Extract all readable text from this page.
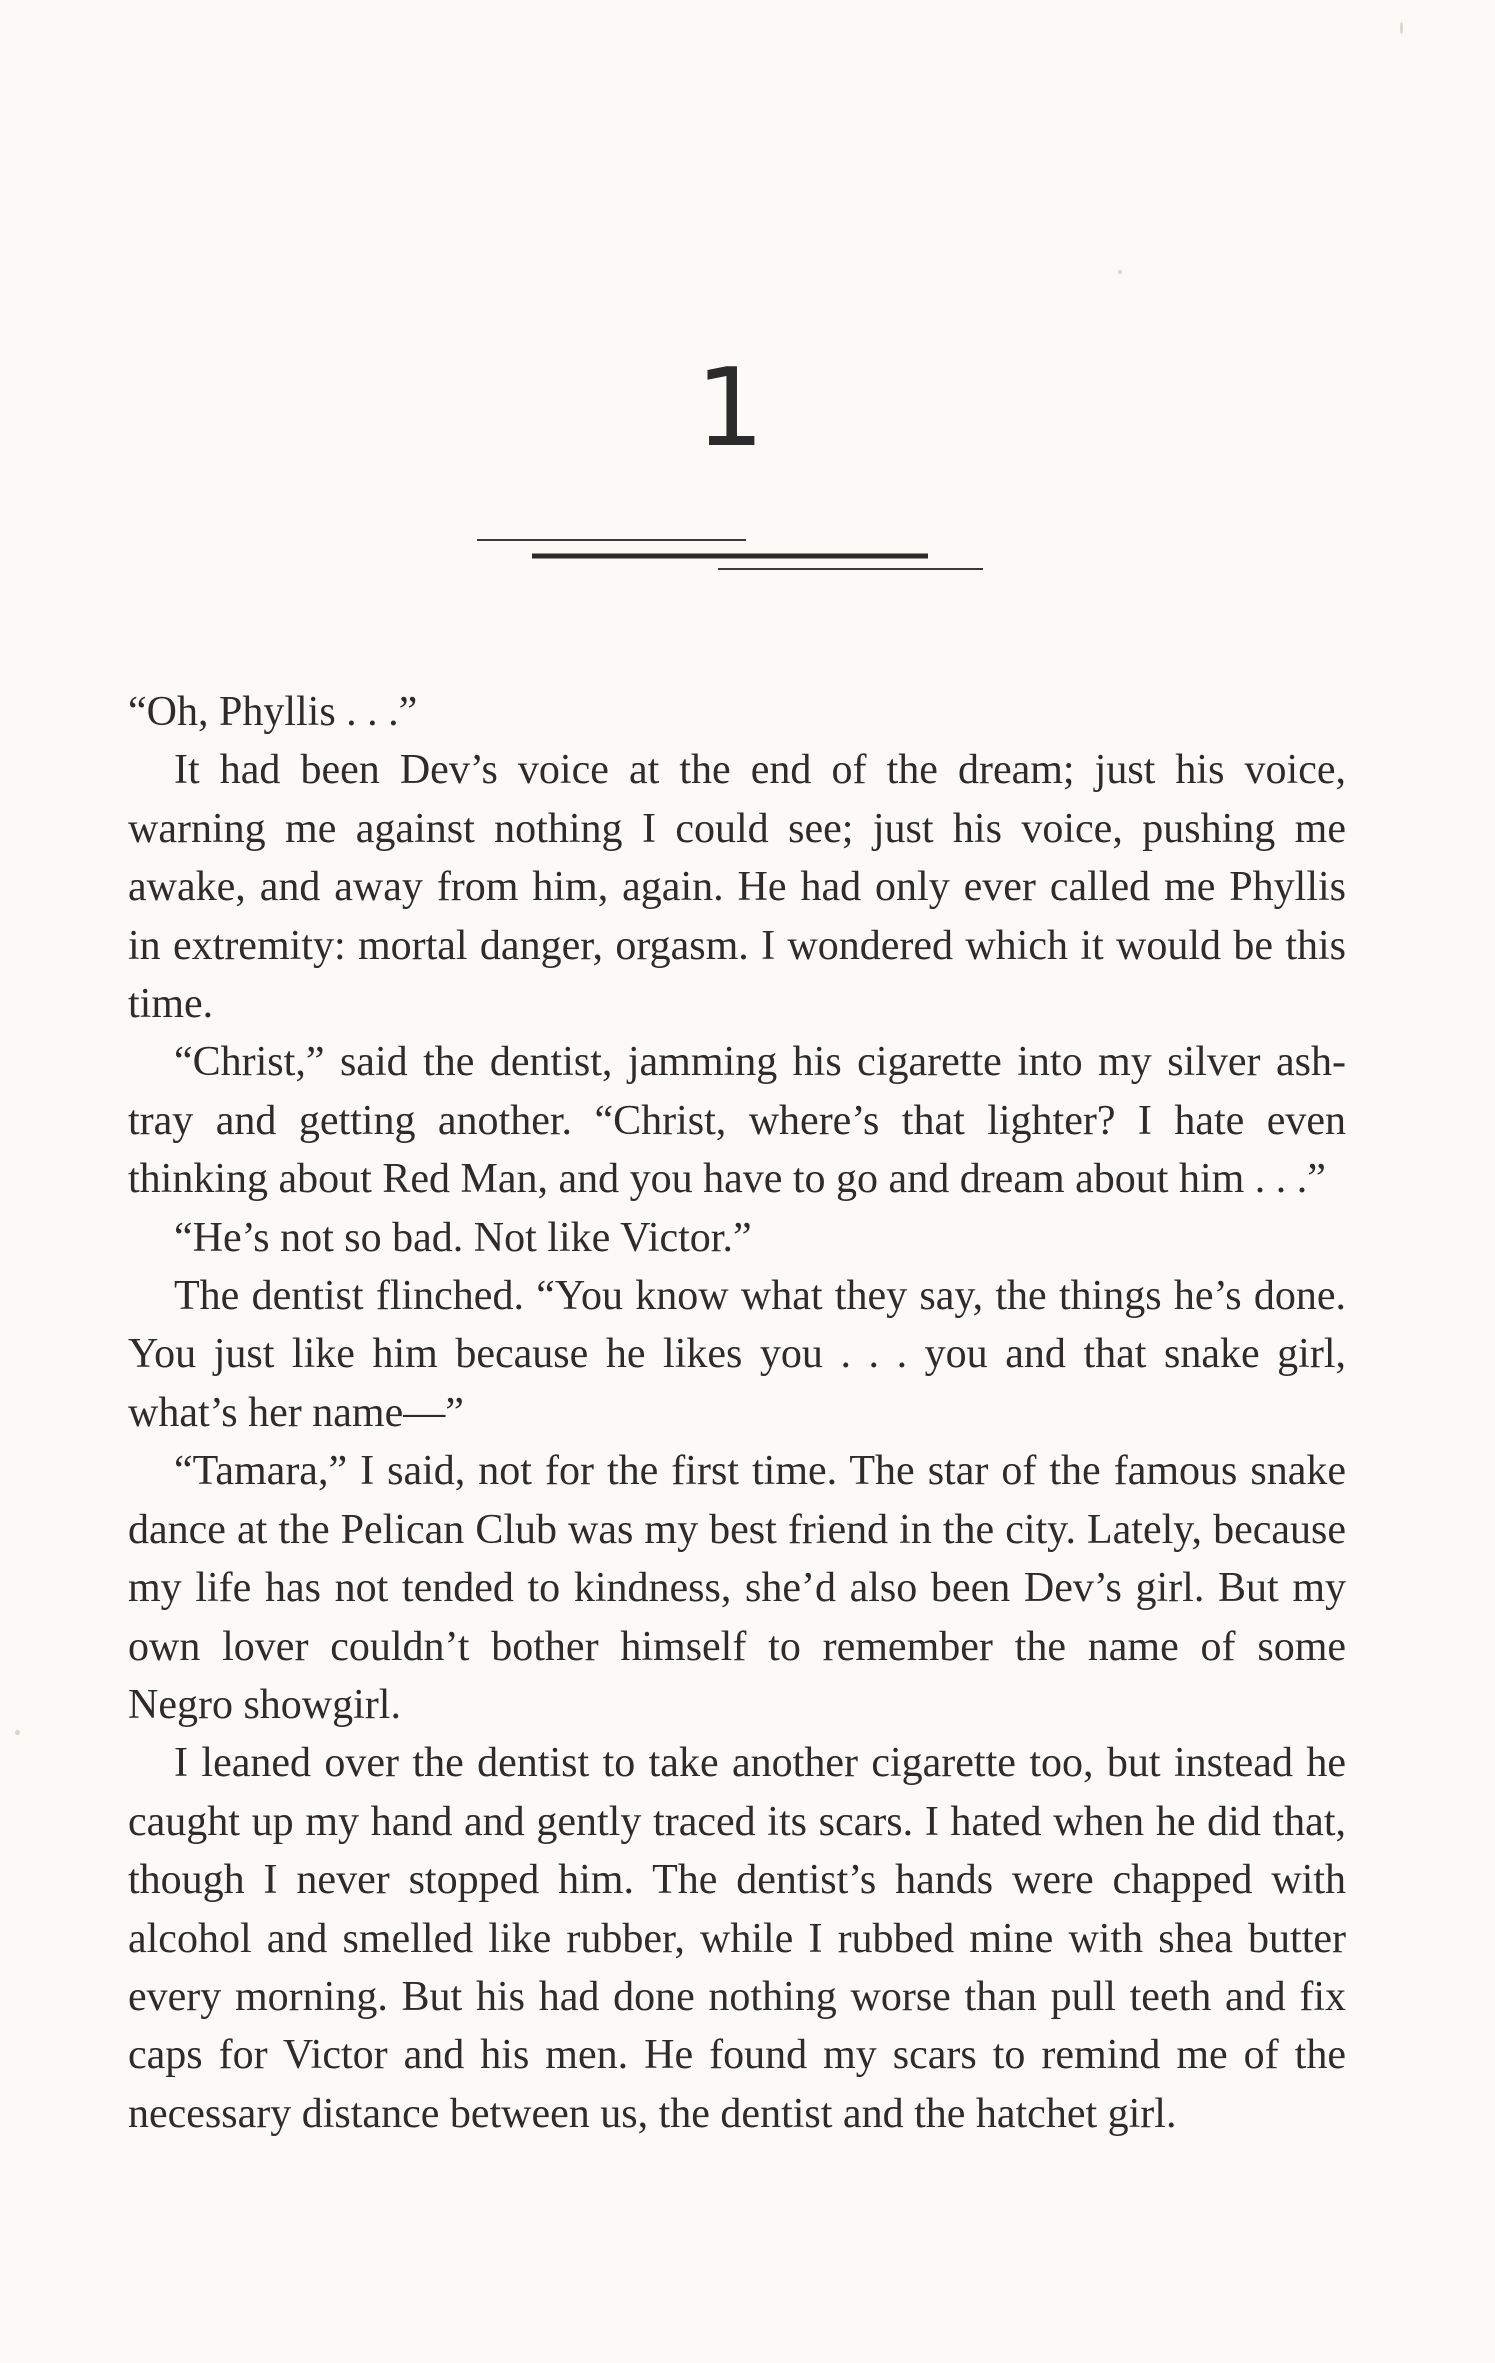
1

“Oh, Phyllis . . .”

It had been Dev’s voice at the end of the dream; just his voice, warning me against nothing I could see; just his voice, pushing me awake, and away from him, again. He had only ever called me Phyllis in extremity: mortal danger, orgasm. I wondered which it would be this time.

“Christ,” said the dentist, jamming his cigarette into my silver ashtray and getting another. “Christ, where’s that lighter? I hate even thinking about Red Man, and you have to go and dream about him . . .”

“He’s not so bad. Not like Victor.”

The dentist flinched. “You know what they say, the things he’s done. You just like him because he likes you . . . you and that snake girl, what’s her name—”

“Tamara,” I said, not for the first time. The star of the famous snake dance at the Pelican Club was my best friend in the city. Lately, because my life has not tended to kindness, she’d also been Dev’s girl. But my own lover couldn’t bother himself to remember the name of some Negro showgirl.

I leaned over the dentist to take another cigarette too, but instead he caught up my hand and gently traced its scars. I hated when he did that, though I never stopped him. The dentist’s hands were chapped with alcohol and smelled like rubber, while I rubbed mine with shea butter every morning. But his had done nothing worse than pull teeth and fix caps for Victor and his men. He found my scars to remind me of the necessary distance between us, the dentist and the hatchet girl.
